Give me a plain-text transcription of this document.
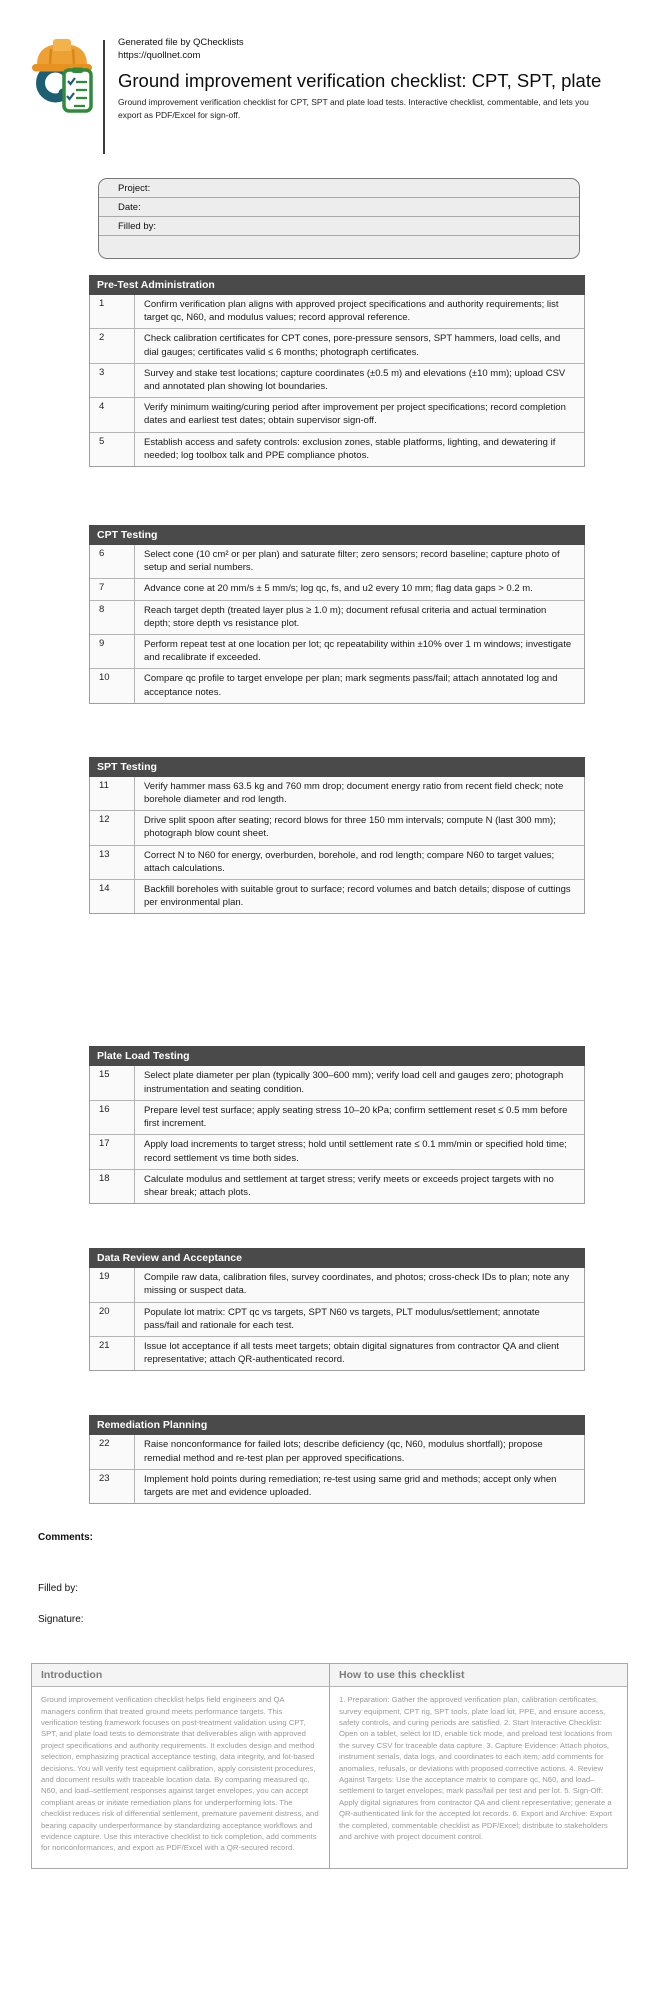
Generated file by QChecklists
https://quollnet.com
Ground improvement verification checklist: CPT, SPT, plate

Ground improvement verification checklist for CPT, SPT and plate load tests. Interactive checklist, commentable, and lets you export as PDF/Excel for sign-off.

Project:
Date:
Filled by:
Pre-Test Administration
1	Confirm verification plan aligns with approved project specifications and authority requirements; list target qc, N60, and modulus values; record approval reference.
2	Check calibration certificates for CPT cones, pore-pressure sensors, SPT hammers, load cells, and dial gauges; certificates valid ≤ 6 months; photograph certificates.
3	Survey and stake test locations; capture coordinates (±0.5 m) and elevations (±10 mm); upload CSV and annotated plan showing lot boundaries.
4	Verify minimum waiting/curing period after improvement per project specifications; record completion dates and earliest test dates; obtain supervisor sign-off.
5	Establish access and safety controls: exclusion zones, stable platforms, lighting, and dewatering if needed; log toolbox talk and PPE compliance photos.
CPT Testing
6	Select cone (10 cm² or per plan) and saturate filter; zero sensors; record baseline; capture photo of setup and serial numbers.
7	Advance cone at 20 mm/s ± 5 mm/s; log qc, fs, and u2 every 10 mm; flag data gaps > 0.2 m.
8	Reach target depth (treated layer plus ≥ 1.0 m); document refusal criteria and actual termination depth; store depth vs resistance plot.
9	Perform repeat test at one location per lot; qc repeatability within ±10% over 1 m windows; investigate and recalibrate if exceeded.
10	Compare qc profile to target envelope per plan; mark segments pass/fail; attach annotated log and acceptance notes.
SPT Testing
11	Verify hammer mass 63.5 kg and 760 mm drop; document energy ratio from recent field check; note borehole diameter and rod length.
12	Drive split spoon after seating; record blows for three 150 mm intervals; compute N (last 300 mm); photograph blow count sheet.
13	Correct N to N60 for energy, overburden, borehole, and rod length; compare N60 to target values; attach calculations.
14	Backfill boreholes with suitable grout to surface; record volumes and batch details; dispose of cuttings per environmental plan.
Plate Load Testing
15	Select plate diameter per plan (typically 300–600 mm); verify load cell and gauges zero; photograph instrumentation and seating condition.
16	Prepare level test surface; apply seating stress 10–20 kPa; confirm settlement reset ≤ 0.5 mm before first increment.
17	Apply load increments to target stress; hold until settlement rate ≤ 0.1 mm/min or specified hold time; record settlement vs time both sides.
18	Calculate modulus and settlement at target stress; verify meets or exceeds project targets with no shear break; attach plots.
Data Review and Acceptance
19	Compile raw data, calibration files, survey coordinates, and photos; cross-check IDs to plan; note any missing or suspect data.
20	Populate lot matrix: CPT qc vs targets, SPT N60 vs targets, PLT modulus/settlement; annotate pass/fail and rationale for each test.
21	Issue lot acceptance if all tests meet targets; obtain digital signatures from contractor QA and client representative; attach QR-authenticated record.
Remediation Planning
22	Raise nonconformance for failed lots; describe deficiency (qc, N60, modulus shortfall); propose remedial method and re-test plan per approved specifications.
23	Implement hold points during remediation; re-test using same grid and methods; accept only when targets are met and evidence uploaded.
Comments:
Filled by:
Signature:
Introduction
Ground improvement verification checklist helps field engineers and QA managers confirm that treated ground meets performance targets. This verification testing framework focuses on post-treatment validation using CPT, SPT, and plate load tests to demonstrate that deliverables align with approved project specifications and authority requirements. It excludes design and method selection, emphasizing practical acceptance testing, data integrity, and lot-based decisions. You will verify test equipment calibration, apply consistent procedures, and document results with traceable location data. By comparing measured qc, N60, and load–settlement responses against target envelopes, you can accept compliant areas or initiate remediation plans for underperforming lots. The checklist reduces risk of differential settlement, premature pavement distress, and bearing capacity underperformance by standardizing acceptance workflows and evidence capture. Use this interactive checklist to tick completion, add comments for nonconformances, and export as PDF/Excel with a QR-secured record.
How to use this checklist
1. Preparation: Gather the approved verification plan, calibration certificates, survey equipment, CPT rig, SPT tools, plate load kit, PPE, and ensure access, safety controls, and curing periods are satisfied. 2. Start Interactive Checklist: Open on a tablet, select lot ID, enable tick mode, and preload test locations from the survey CSV for traceable data capture. 3. Capture Evidence: Attach photos, instrument serials, data logs, and coordinates to each item; add comments for anomalies, refusals, or deviations with proposed corrective actions. 4. Review Against Targets: Use the acceptance matrix to compare qc, N60, and load–settlement to target envelopes; mark pass/fail per test and per lot. 5. Sign-Off: Apply digital signatures from contractor QA and client representative; generate a QR-authenticated link for the accepted lot records. 6. Export and Archive: Export the completed, commentable checklist as PDF/Excel; distribute to stakeholders and archive with project document control.
